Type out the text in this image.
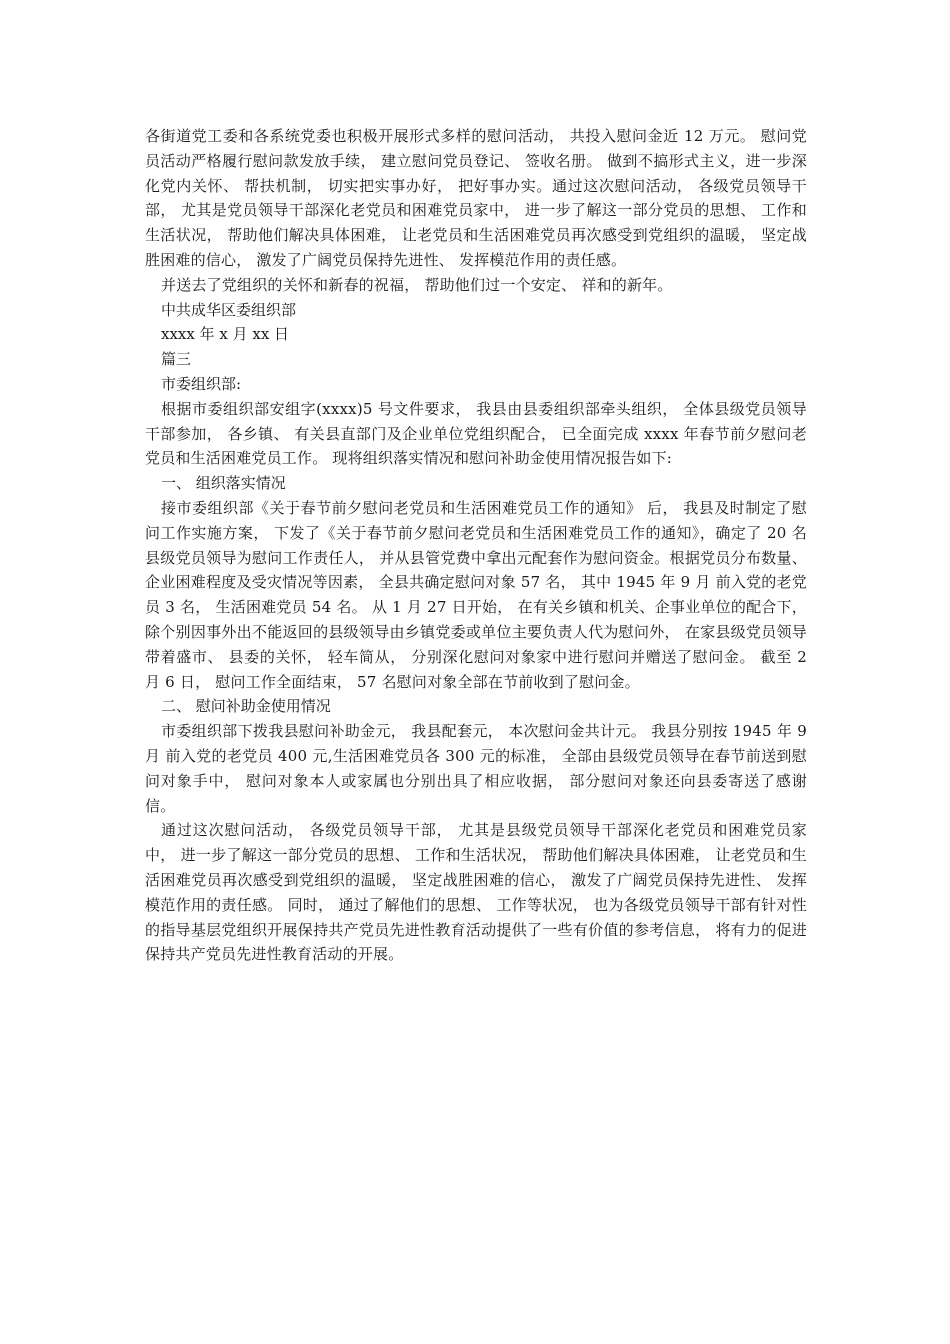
各街道党工委和各系统党委也积极开展形式多样的慰问活动， 共投入慰问金近 12 万元。 慰问党员活动严格履行慰问款发放手续， 建立慰问党员登记、 签收名册。 做到不搞形式主义，进一步深化党内关怀、 帮扶机制， 切实把实事办好， 把好事办实。通过这次慰问活动， 各级党员领导干部， 尤其是党员领导干部深化老党员和困难党员家中， 进一步了解这一部分党员的思想、 工作和生活状况， 帮助他们解决具体困难， 让老党员和生活困难党员再次感受到党组织的温暖， 坚定战胜困难的信心， 激发了广阔党员保持先进性、 发挥模范作用的责任感。

并送去了党组织的关怀和新春的祝福， 帮助他们过一个安定、 祥和的新年。

中共成华区委组织部
xxxx 年 x 月 xx 日
篇三
市委组织部:

根据市委组织部安组字(xxxx)5 号文件要求， 我县由县委组织部牵头组织， 全体县级党员领导干部参加， 各乡镇、 有关县直部门及企业单位党组织配合， 已全面完成 xxxx 年春节前夕慰问老党员和生活困难党员工作。 现将组织落实情况和慰问补助金使用情况报告如下:

一、 组织落实情况

接市委组织部《关于春节前夕慰问老党员和生活困难党员工作的通知》 后， 我县及时制定了慰问工作实施方案， 下发了《关于春节前夕慰问老党员和生活困难党员工作的通知》，确定了 20 名县级党员领导为慰问工作责任人， 并从县管党费中拿出元配套作为慰问资金。根据党员分布数量、 企业困难程度及受灾情况等因素， 全县共确定慰问对象 57 名， 其中 1945 年 9 月 前入党的老党员 3 名， 生活困难党员 54 名。 从 1 月 27 日开始， 在有关乡镇和机关、企事业单位的配合下， 除个别因事外出不能返回的县级领导由乡镇党委或单位主要负责人代为慰问外， 在家县级党员领导带着盛市、 县委的关怀， 轻车简从， 分别深化慰问对象家中进行慰问并赠送了慰问金。 截至 2 月 6 日， 慰问工作全面结束， 57 名慰问对象全部在节前收到了慰问金。

二、 慰问补助金使用情况

市委组织部下拨我县慰问补助金元， 我县配套元， 本次慰问金共计元。 我县分别按 1945 年 9 月 前入党的老党员 400 元,生活困难党员各 300 元的标准， 全部由县级党员领导在春节前送到慰问对象手中， 慰问对象本人或家属也分别出具了相应收据， 部分慰问对象还向县委寄送了感谢信。

通过这次慰问活动， 各级党员领导干部， 尤其是县级党员领导干部深化老党员和困难党员家中， 进一步了解这一部分党员的思想、 工作和生活状况， 帮助他们解决具体困难， 让老党员和生活困难党员再次感受到党组织的温暖， 坚定战胜困难的信心， 激发了广阔党员保持先进性、 发挥模范作用的责任感。 同时， 通过了解他们的思想、 工作等状况， 也为各级党员领导干部有针对性的指导基层党组织开展保持共产党员先进性教育活动提供了一些有价值的参考信息， 将有力的促进保持共产党员先进性教育活动的开展。
